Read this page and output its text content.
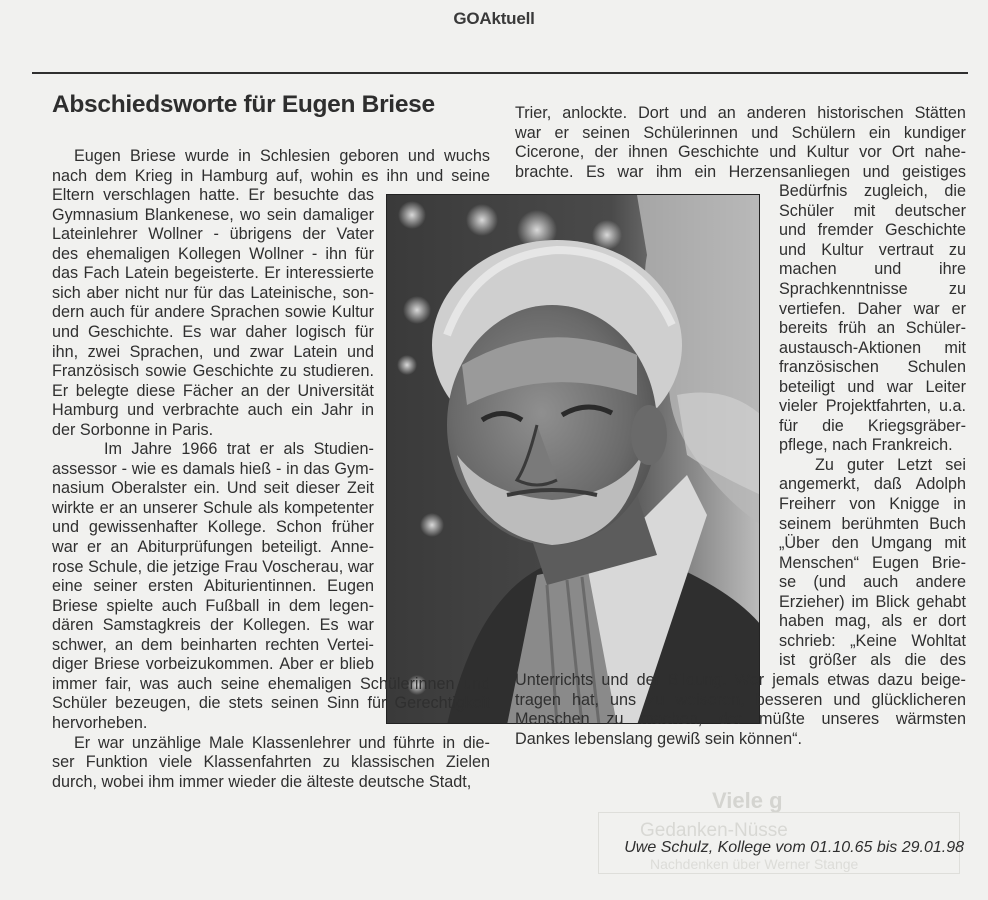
Viele g
Gedanken-Nüsse
Nachdenken über Werner Stange
GOAktuell
Abschiedsworte für Eugen Briese
Eugen Briese wurde in Schlesien geboren und wuchs
nach dem Krieg in Hamburg auf, wohin es ihn und seine
Eltern verschlagen hatte. Er besuchte das
Gymnasium Blankenese, wo sein damaliger
Lateinlehrer Wollner - übrigens der Vater
des ehemaligen Kollegen Wollner - ihn für
das Fach Latein begeisterte. Er interessierte
sich aber nicht nur für das Lateinische, son-
dern auch für andere Sprachen sowie Kultur
und Geschichte. Es war daher logisch für
ihn, zwei Sprachen, und zwar Latein und
Französisch sowie Geschichte zu studieren.
Er belegte diese Fächer an der Universität
Hamburg und verbrachte auch ein Jahr in
der Sorbonne in Paris.
Im Jahre 1966 trat er als Studien-
assessor - wie es damals hieß - in das Gym-
nasium Oberalster ein. Und seit dieser Zeit
wirkte er an unserer Schule als kompetenter
und gewissenhafter Kollege. Schon früher
war er an Abiturprüfungen beteiligt. Anne-
rose Schule, die jetzige Frau Voscherau, war
eine seiner ersten Abiturientinnen. Eugen
Briese spielte auch Fußball in dem legen-
dären Samstagkreis der Kollegen. Es war
schwer, an dem beinharten rechten Vertei-
diger Briese vorbeizukommen. Aber er blieb
immer fair, was auch seine ehemaligen Schülerinnen und
Schüler bezeugen, die stets seinen Sinn für Gerechtigkeit
hervorheben.
Er war unzählige Male Klassenlehrer und führte in die-
ser Funktion viele Klassenfahrten zu klassischen Zielen
durch, wobei ihm immer wieder die älteste deutsche Stadt,
Trier, anlockte. Dort und an anderen historischen Stätten
war er seinen Schülerinnen und Schülern ein kundiger
Cicerone, der ihnen Geschichte und Kultur vor Ort nahe-
brachte. Es war ihm ein Herzensanliegen und geistiges
Bedürfnis zugleich, die
Schüler mit deutscher
und fremder Geschichte
und Kultur vertraut zu
machen und ihre
Sprachkenntnisse	zu
vertiefen. Daher war er
bereits früh an Schüler-
austausch-Aktionen mit
französischen Schulen
beteiligt und war Leiter
vieler Projektfahrten, u.a.
für die Kriegsgräber-
pflege, nach Frankreich.
Zu guter Letzt sei
angemerkt, daß Adolph
Freiherr von Knigge in
seinem berühmten Buch
„Über den Umgang mit
Menschen“ Eugen Brie-
se (und auch andere
Erzieher) im Blick gehabt
haben mag, als er dort
schrieb: „Keine Wohltat
ist größer als die des
Unterrichts und der Bildung. Wer jemals etwas dazu beige-
tragen hat, uns zu weiseren, besseren und glücklicheren
Menschen zu machen, der müßte unseres wärmsten
Dankes lebenslang gewiß sein können“.
Uwe Schulz, Kollege vom 01.10.65 bis 29.01.98
